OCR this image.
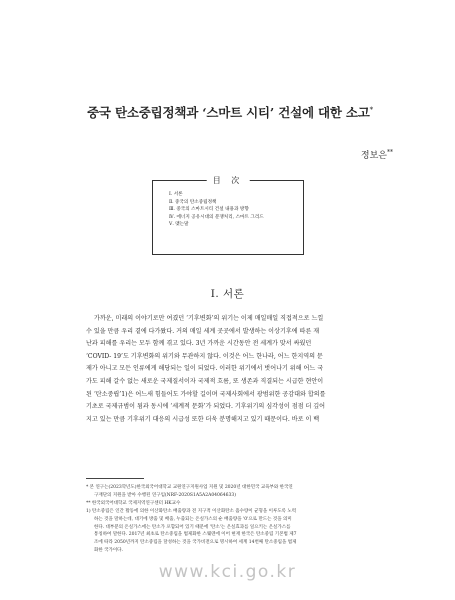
중국 탄소중립정책과 ‘스마트 시티’ 건설에 대한 소고*
정보은**
目 次
Ⅰ. 서론
Ⅱ. 중국의 탄소중립정책
Ⅲ. 중국의 스마트시티 건설 내용과 방향
Ⅳ. 에너지 공유시대의 분쟁처리, 스마트 그리드
Ⅴ. 맺는말
Ⅰ. 서론
가까운, 미래의 이야기로만 여겼던 ‘기후변화’의 위기는 이제 매일매일 직접적으로 느낄
수 있을 만큼 우리 곁에 다가왔다. 거의 매일 세계 곳곳에서 발생하는 이상기후에 따른 재
난과 피해를 우리는 모두 함께 겪고 있다. 3년 가까운 시간동안 전 세계가 맞서 싸웠던
‘COVID- 19’도 기후변화의 위기와 무관하지 않다. 이것은 어느 한나라, 어느 한지역의 문
제가 아니고 모든 인류에게 해당되는 일이 되었다. 이러한 위기에서 벗어나기 위해 어느 국
가도 피해 갈수 없는 새로운 국제질서이자 국제적 흐름, 또 생존과 직결되는 시급한 현안이
된 ‘탄소중립’1)은 어느새 힘들어도 가야할 길이며 국제사회에서 광범위한 공감대와 합의를
기초로 국제규범이 됨과 동시에 ‘세계적 문화’가 되었다. 기후위기의 심각성이 점점 더 깊어
지고 있는 만큼 기후위기 대응의 시급성 또한 더욱 분명해지고 있기 때문이다. 바로 이 백
* 본 연구는(2023학년도)한국외국어대학교 교원연구지원사업 지원 및 2020년 대한민국 교육부와 한국연
구재단의 지원을 받아 수행된 연구임(NRF-2020S1A5A2A04064633)
** 한국외국어대학교 국제지역연구센터 HK교수
1) 탄소중립은 인간 활동에 의한 이산화탄소 배출량과 전 지구적 이산화탄소 흡수량이 균형을 이루도록 노력
하는 것을 말하는데, 대기에 방출 및 배출, 누출되는 온실가스의 순 배출량을 '0'으로 만드는 것을 의미
한다. 대부분의 온실가스에는 탄소가 포함되어 있기 때문에 '탄소'는 온실효과를 일으키는 온실가스를
통칭하여 말한다. 2017년 최초로 탄소중립을 법제화한 스웨덴에 이어 현재 한국은 탄소중립 기본법 제7
조에 따라 2050년까지 탄소중립을 달성하는 것을 국가비전으로 명시하여 세계 14번째 탄소중립을 법제
화한 국가이다.
www.kci.go.kr
